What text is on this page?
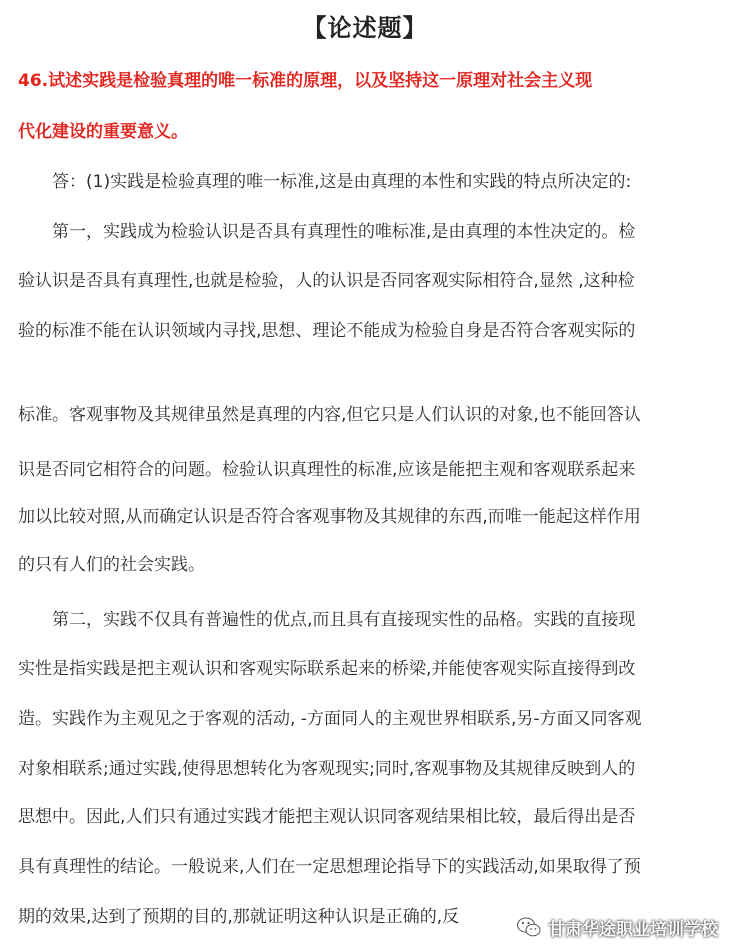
【论述题】
46.试述实践是检验真理的唯一标准的原理，以及坚持这一原理对社会主义现
代化建设的重要意义。
答：(1)实践是检验真理的唯一标准,这是由真理的本性和实践的特点所决定的:
第一，实践成为检验认识是否具有真理性的唯标准,是由真理的本性决定的。检
验认识是否具有真理性,也就是检验，人的认识是否同客观实际相符合,显然 ,这种检
验的标准不能在认识领域内寻找,思想、理论不能成为检验自身是否符合客观实际的
标准。客观事物及其规律虽然是真理的内容,但它只是人们认识的对象,也不能回答认
识是否同它相符合的问题。检验认识真理性的标准,应该是能把主观和客观联系起来
加以比较对照,从而确定认识是否符合客观事物及其规律的东西,而唯一能起这样作用
的只有人们的社会实践。
第二，实践不仅具有普遍性的优点,而且具有直接现实性的品格。实践的直接现
实性是指实践是把主观认识和客观实际联系起来的桥梁,并能使客观实际直接得到改
造。实践作为主观见之于客观的活动, -方面同人的主观世界相联系,另-方面又同客观
对象相联系;通过实践,使得思想转化为客观现实;同时,客观事物及其规律反映到人的
思想中。因此,人们只有通过实践才能把主观认识同客观结果相比较，最后得出是否
具有真理性的结论。一般说来,人们在一定思想理论指导下的实践活动,如果取得了预
期的效果,达到了预期的目的,那就证明这种认识是正确的,反
甘肃华途职业培训学校
